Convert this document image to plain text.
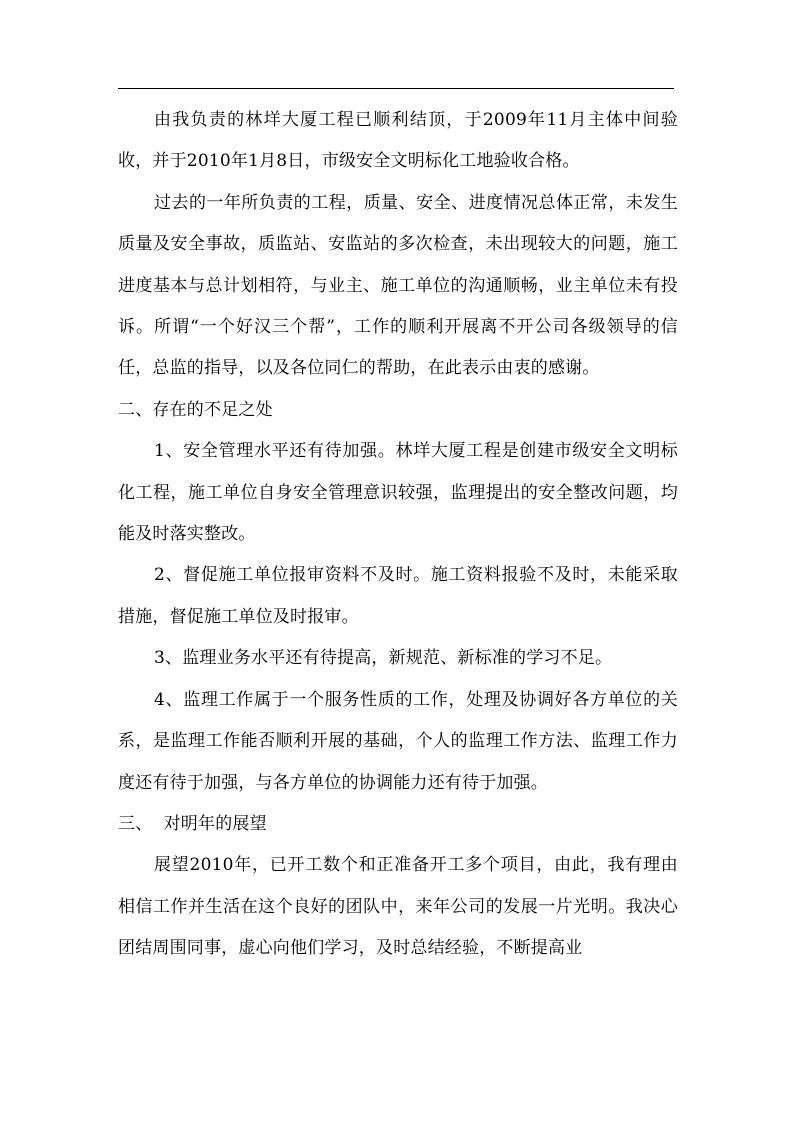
由我负责的林垟大厦工程已顺利结顶，于2009年11月主体中间验收，并于2010年1月8日，市级安全文明标化工地验收合格。

过去的一年所负责的工程，质量、安全、进度情况总体正常，未发生质量及安全事故，质监站、安监站的多次检查，未出现较大的问题，施工进度基本与总计划相符，与业主、施工单位的沟通顺畅，业主单位未有投诉。所谓“一个好汉三个帮”，工作的顺利开展离不开公司各级领导的信任，总监的指导，以及各位同仁的帮助，在此表示由衷的感谢。

二、存在的不足之处

1、安全管理水平还有待加强。林垟大厦工程是创建市级安全文明标化工程，施工单位自身安全管理意识较强，监理提出的安全整改问题，均能及时落实整改。

2、督促施工单位报审资料不及时。施工资料报验不及时，未能采取措施，督促施工单位及时报审。

3、监理业务水平还有待提高，新规范、新标准的学习不足。

4、监理工作属于一个服务性质的工作，处理及协调好各方单位的关系，是监理工作能否顺利开展的基础，个人的监理工作方法、监理工作力度还有待于加强，与各方单位的协调能力还有待于加强。

三、  对明年的展望

展望2010年，已开工数个和正准备开工多个项目，由此，我有理由相信工作并生活在这个良好的团队中，来年公司的发展一片光明。我决心团结周围同事，虚心向他们学习，及时总结经验，不断提高业
